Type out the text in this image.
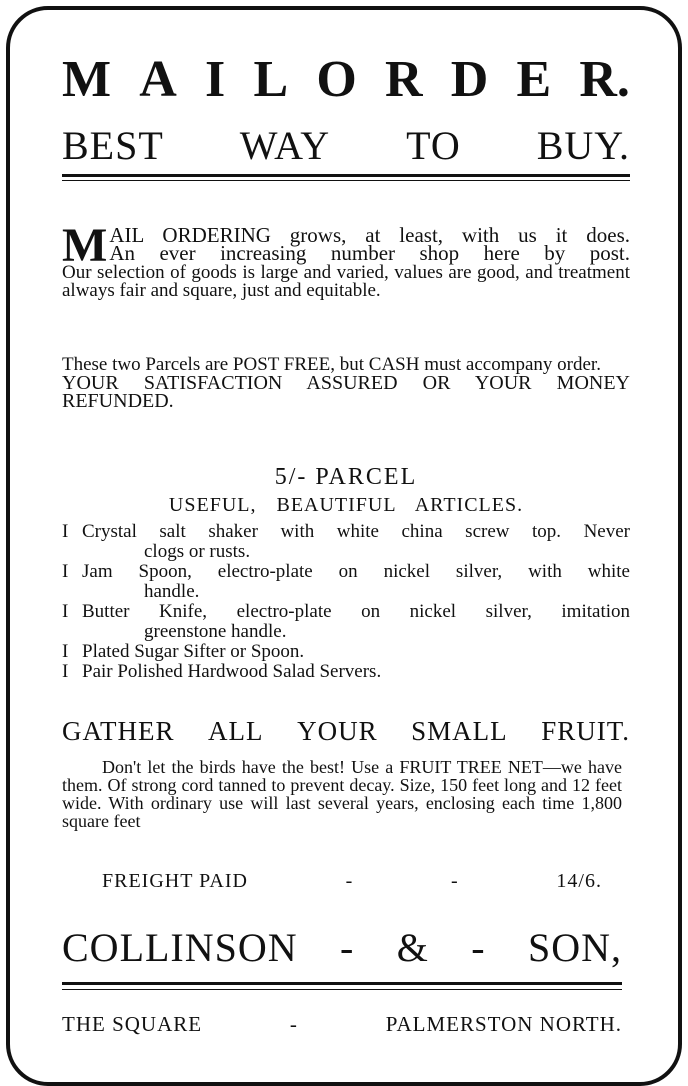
M A I L O R D E R.
BEST WAY TO BUY.
M AIL ORDERING grows, at least, with us it does.
An ever increasing number shop here by post.
Our selection of goods is large and varied, values are good, and treatment always fair and square, just and equitable.
These two Parcels are POST FREE, but CASH must accompany order.
YOUR SATISFACTION ASSURED OR YOUR MONEY REFUNDED.
5/- PARCEL
USEFUL, BEAUTIFUL ARTICLES.
I Crystal salt shaker with white china screw top. Never
clogs or rusts.
I Jam Spoon, electro-plate on nickel silver, with white
handle.
I Butter Knife, electro-plate on nickel silver, imitation
greenstone handle.
I Plated Sugar Sifter or Spoon.
I Pair Polished Hardwood Salad Servers.
GATHER ALL YOUR SMALL FRUIT.
Don't let the birds have the best! Use a FRUIT TREE NET—we have them. Of strong cord tanned to prevent decay. Size, 150 feet long and 12 feet wide. With ordinary use will last several years, enclosing each time 1,800 square feet
FREIGHT PAID	-	-	14/6.
COLLINSON - & - SON,
THE SQUARE	-	PALMERSTON NORTH.
